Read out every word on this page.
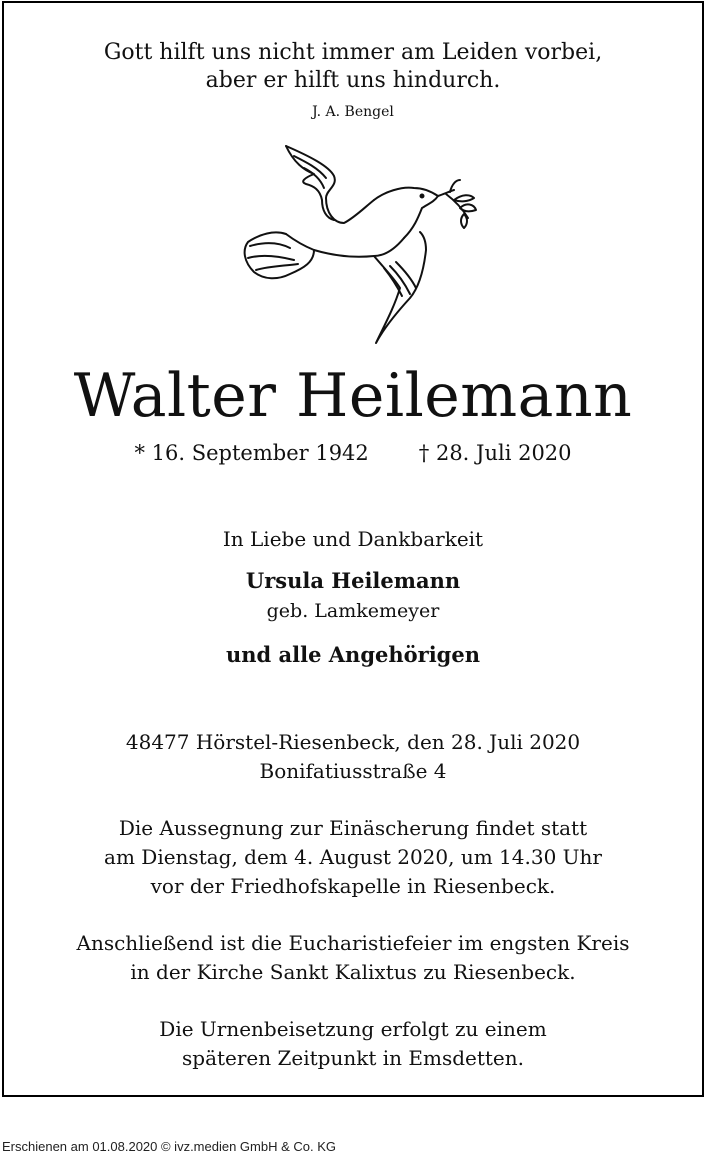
Gott hilft uns nicht immer am Leiden vorbei,
aber er hilft uns hindurch.
J. A. Bengel
Walter Heilemann
* 16. September 1942 † 28. Juli 2020
In Liebe und Dankbarkeit
Ursula Heilemann
geb. Lamkemeyer
und alle Angehörigen
48477 Hörstel-Riesenbeck, den 28. Juli 2020
Bonifatiusstraße 4
Die Aussegnung zur Einäscherung findet statt
am Dienstag, dem 4. August 2020, um 14.30 Uhr
vor der Friedhofskapelle in Riesenbeck.
Anschließend ist die Eucharistiefeier im engsten Kreis
in der Kirche Sankt Kalixtus zu Riesenbeck.
Die Urnenbeisetzung erfolgt zu einem
späteren Zeitpunkt in Emsdetten.
Erschienen am 01.08.2020 © ivz.medien GmbH & Co. KG
